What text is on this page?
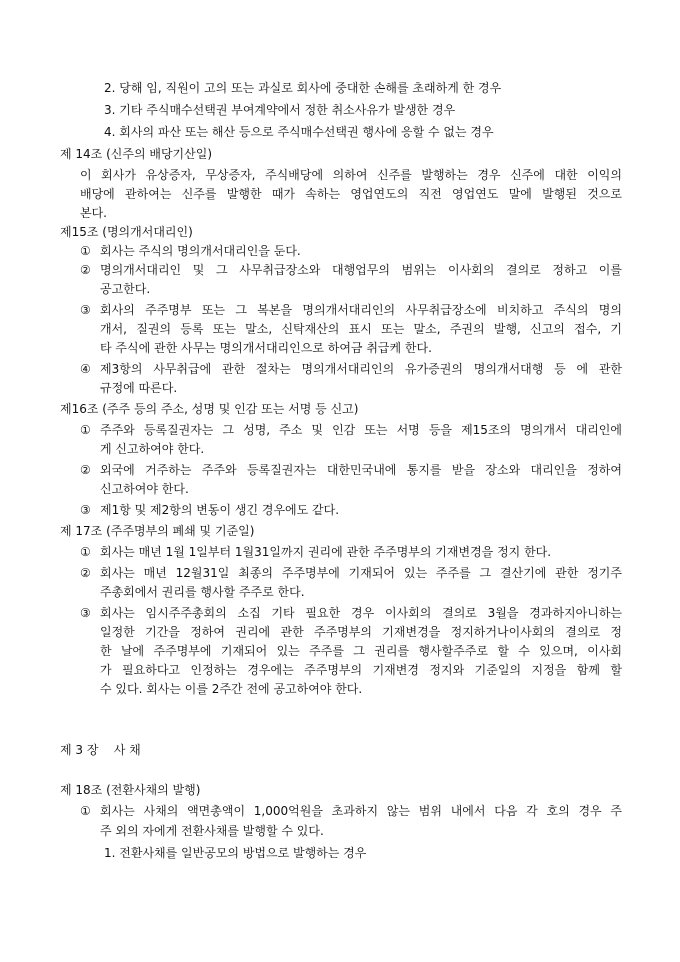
2. 당해 임, 직원이 고의 또는 과실로 회사에 중대한 손해를 초래하게 한 경우
3. 기타 주식매수선택권 부여계약에서 정한 취소사유가 발생한 경우
4. 회사의 파산 또는 해산 등으로 주식매수선택권 행사에 응할 수 없는 경우
제 14조 (신주의 배당기산일)
이 회사가 유상증자, 무상증자, 주식배당에 의하여 신주를 발행하는 경우 신주에 대한 이익의
배당에 관하여는 신주를 발행한 때가 속하는 영업연도의 직전 영업연도 말에 발행된 것으로
본다.
제15조 (명의개서대리인)
① 회사는 주식의 명의개서대리인을 둔다.
② 명의개서대리인 및 그 사무취급장소와 대행업무의 범위는 이사회의 결의로 정하고 이를
공고한다.
③ 회사의 주주명부 또는 그 복본을 명의개서대리인의 사무취급장소에 비치하고 주식의 명의
개서, 질권의 등록 또는 말소, 신탁재산의 표시 또는 말소, 주권의 발행, 신고의 접수, 기
타 주식에 관한 사무는 명의개서대리인으로 하여금 취급케 한다.
④ 제3항의 사무취급에 관한 절차는 명의개서대리인의 유가증권의 명의개서대행 등 에 관한
규정에 따른다.
제16조 (주주 등의 주소, 성명 및 인감 또는 서명 등 신고)
① 주주와 등록질권자는 그 성명, 주소 및 인감 또는 서명 등을 제15조의 명의개서 대리인에
게 신고하여야 한다.
② 외국에 거주하는 주주와 등록질권자는 대한민국내에 통지를 받을 장소와 대리인을 정하여
신고하여야 한다.
③ 제1항 및 제2항의 변동이 생긴 경우에도 같다.
제 17조 (주주명부의 폐쇄 및 기준일)
① 회사는 매년 1월 1일부터 1월31일까지 권리에 관한 주주명부의 기재변경을 정지 한다.
② 회사는 매년 12월31일 최종의 주주명부에 기재되어 있는 주주를 그 결산기에 관한 정기주
주총회에서 권리를 행사할 주주로 한다.
③ 회사는 임시주주총회의 소집 기타 필요한 경우 이사회의 결의로 3월을 경과하지아니하는
일정한 기간을 정하여 권리에 관한 주주명부의 기재변경을 정지하거나이사회의 결의로 정
한 날에 주주명부에 기재되어 있는 주주를 그 권리를 행사할주주로 할 수 있으며, 이사회
가 필요하다고 인정하는 경우에는 주주명부의 기재변경 정지와 기준일의 지정을 함께 할
수 있다. 회사는 이를 2주간 전에 공고하여야 한다.
제 3 장    사 채
제 18조 (전환사채의 발행)
① 회사는 사채의 액면총액이 1,000억원을 초과하지 않는 범위 내에서 다음 각 호의 경우 주
주 외의 자에게 전환사채를 발행할 수 있다.
1. 전환사채를 일반공모의 방법으로 발행하는 경우
